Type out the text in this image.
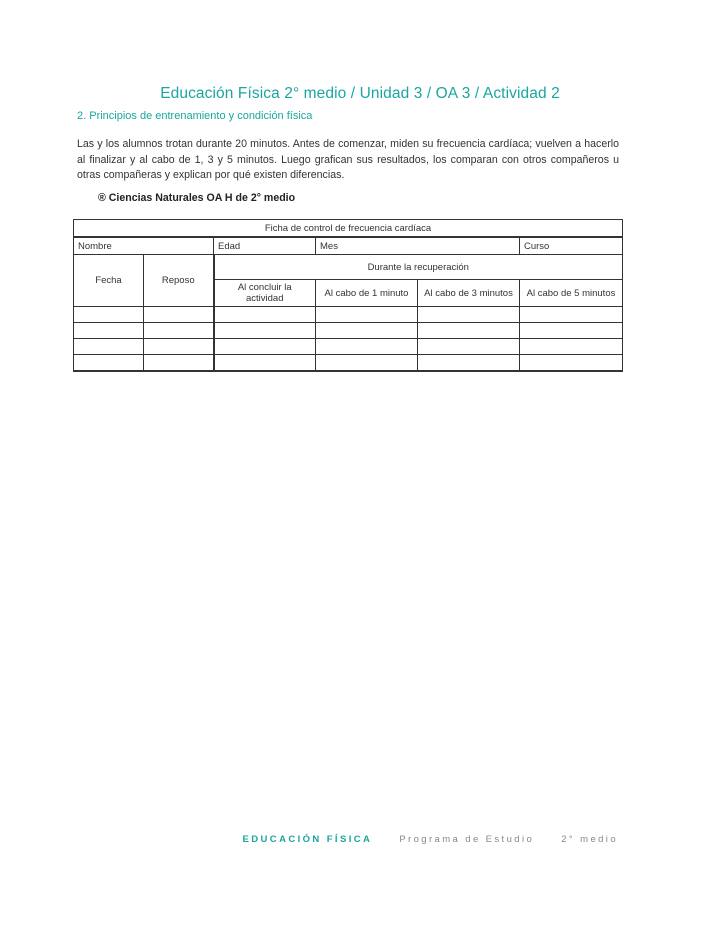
Educación Física 2° medio / Unidad 3 / OA 3 / Actividad 2
2. Principios de entrenamiento y condición física
Las y los alumnos trotan durante 20 minutos. Antes de comenzar, miden su frecuencia cardíaca; vuelven a hacerlo al finalizar y al cabo de 1, 3 y 5 minutos. Luego grafican sus resultados, los comparan con otros compañeros u otras compañeras y explican por qué existen diferencias.
® Ciencias Naturales OA H de 2° medio
Ficha de control de frecuencia cardíaca					
Nombre		Edad	Mes		Curso
Fecha	Reposo	Durante la recuperación			
		Al concluir la actividad	Al cabo de 1 minuto	Al cabo de 3 minutos	Al cabo de 5 minutos

EDUCACIÓN FÍSICA	Programa de Estudio	2° medio
